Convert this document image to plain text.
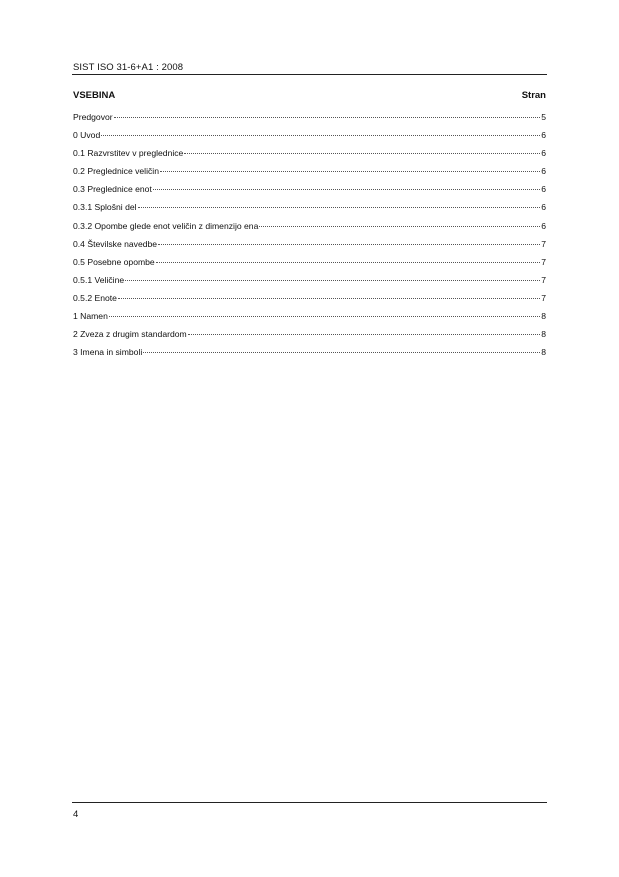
SIST ISO 31-6+A1 : 2008
VSEBINA	Stran
Predgovor	5
0 Uvod	6
0.1 Razvrstitev v preglednice	6
0.2 Preglednice veličin	6
0.3 Preglednice enot	6
0.3.1 Splošni del	6
0.3.2 Opombe glede enot veličin z dimenzijo ena	6
0.4 Številske navedbe	7
0.5 Posebne opombe	7
0.5.1 Veličine	7
0.5.2 Enote	7
1 Namen	8
2 Zveza z drugim standardom	8
3 Imena in simboli	8
4
